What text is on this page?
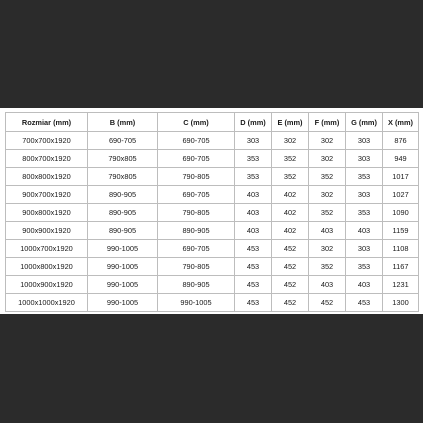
Rozmiar (mm)	B (mm)	C (mm)	D (mm)	E (mm)	F (mm)	G (mm)	X (mm)
700x700x1920	690-705	690-705	303	302	302	303	876
800x700x1920	790x805	690-705	353	352	302	303	949
800x800x1920	790x805	790-805	353	352	352	353	1017
900x700x1920	890-905	690-705	403	402	302	303	1027
900x800x1920	890-905	790-805	403	402	352	353	1090
900x900x1920	890-905	890-905	403	402	403	403	1159
1000x700x1920	990-1005	690-705	453	452	302	303	1108
1000x800x1920	990-1005	790-805	453	452	352	353	1167
1000x900x1920	990-1005	890-905	453	452	403	403	1231
1000x1000x1920	990-1005	990-1005	453	452	452	453	1300
